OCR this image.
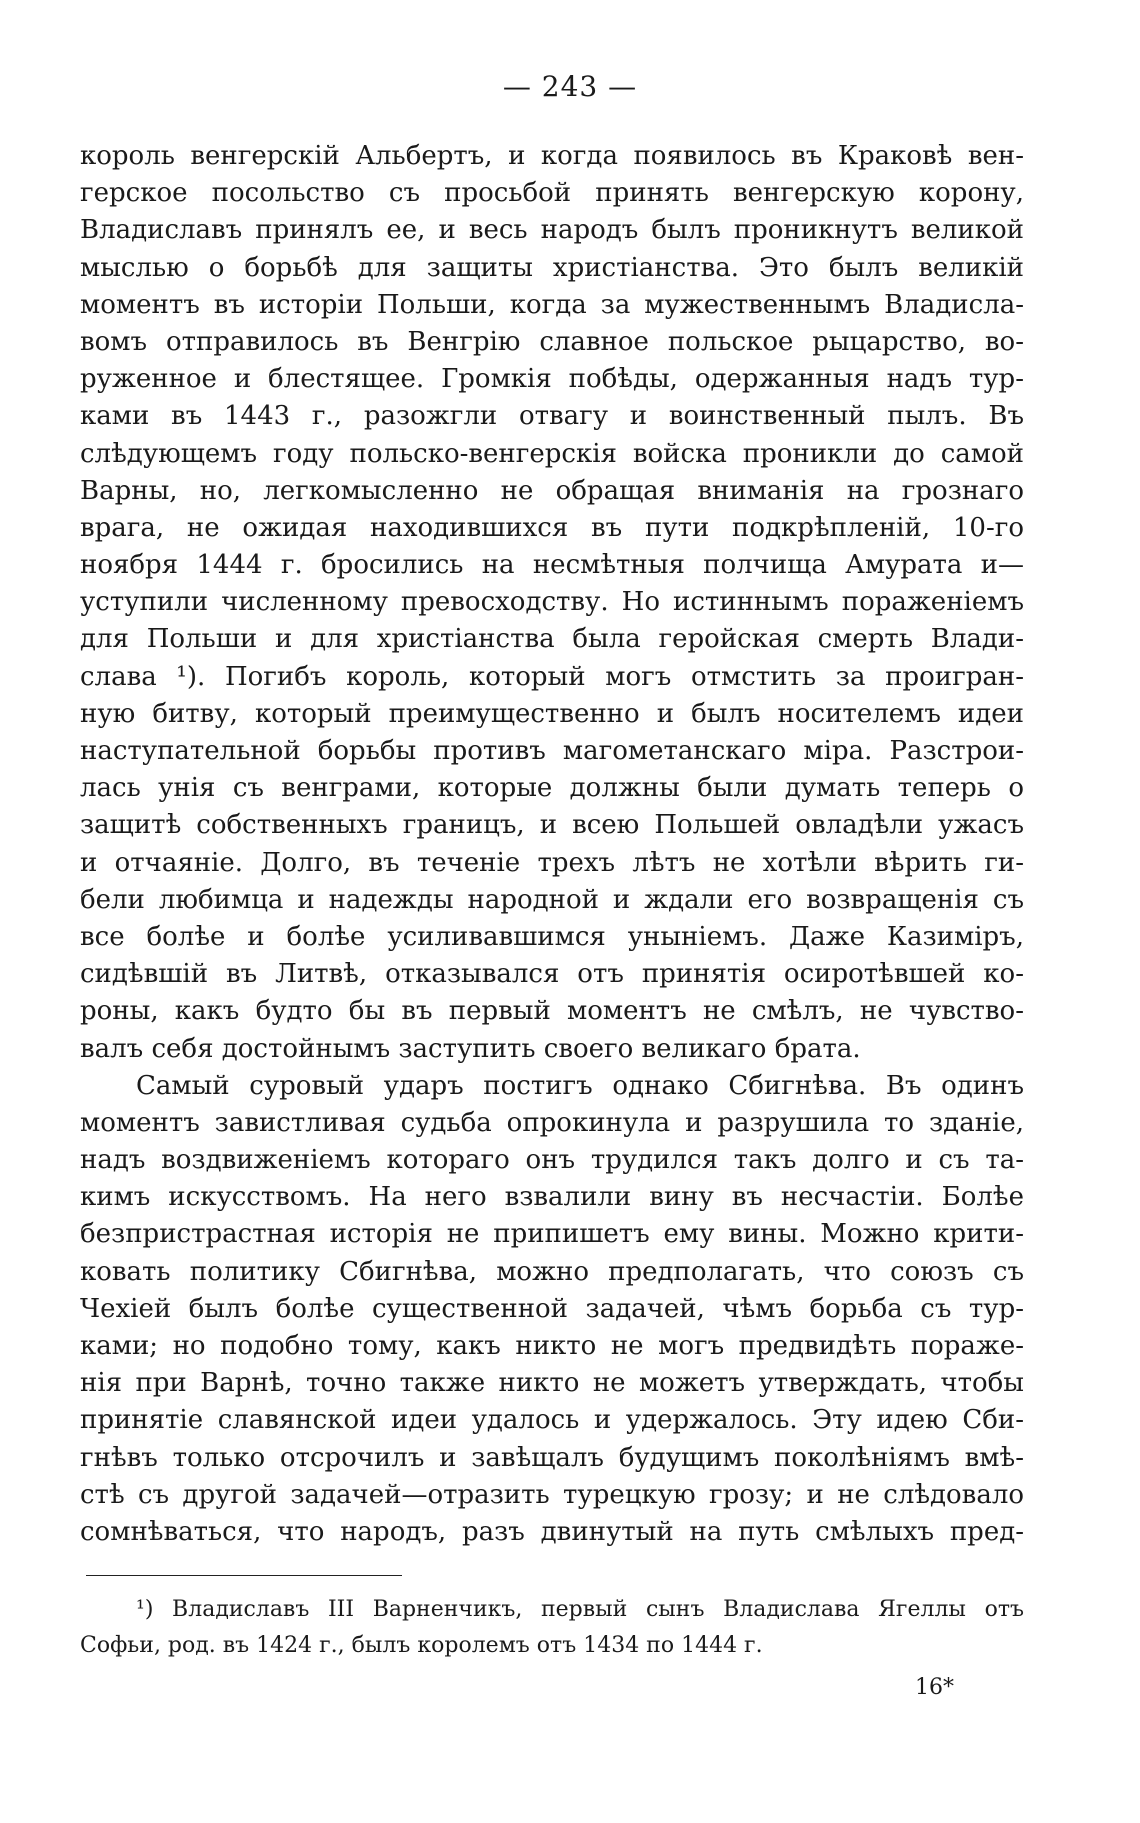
— 243 —
король венгерскій Альбертъ, и когда появилось въ Краковѣ вен-
герское посольство съ просьбой принять венгерскую корону,
Владиславъ принялъ ее, и весь народъ былъ проникнутъ великой
мыслью о борьбѣ для защиты христіанства. Это былъ великій
моментъ въ исторіи Польши, когда за мужественнымъ Владисла-
вомъ отправилось въ Венгрію славное польское рыцарство, во-
руженное и блестящее. Громкія побѣды, одержанныя надъ тур-
ками въ 1443 г., разожгли отвагу и воинственный пылъ. Въ
слѣдующемъ году польско-венгерскія войска проникли до самой
Варны, но, легкомысленно не обращая вниманія на грознаго
врага, не ожидая находившихся въ пути подкрѣпленій, 10-го
ноября 1444 г. бросились на несмѣтныя полчища Амурата и—
уступили численному превосходству. Но истиннымъ пораженіемъ
для Польши и для христіанства была геройская смерть Влади-
слава ¹). Погибъ король, который могъ отмстить за проигран-
ную битву, который преимущественно и былъ носителемъ идеи
наступательной борьбы противъ магометанскаго міра. Разстрои-
лась унія съ венграми, которые должны были думать теперь о
защитѣ собственныхъ границъ, и всею Польшей овладѣли ужасъ
и отчаяніе. Долго, въ теченіе трехъ лѣтъ не хотѣли вѣрить ги-
бели любимца и надежды народной и ждали его возвращенія съ
все болѣе и болѣе усиливавшимся уныніемъ. Даже Казиміръ,
сидѣвшій въ Литвѣ, отказывался отъ принятія осиротѣвшей ко-
роны, какъ будто бы въ первый моментъ не смѣлъ, не чувство-
валъ себя достойнымъ заступить своего великаго брата.
Самый суровый ударъ постигъ однако Сбигнѣва. Въ одинъ
моментъ завистливая судьба опрокинула и разрушила то зданіе,
надъ воздвиженіемъ котораго онъ трудился такъ долго и съ та-
кимъ искусствомъ. На него взвалили вину въ несчастіи. Болѣе
безпристрастная исторія не припишетъ ему вины. Можно крити-
ковать политику Сбигнѣва, можно предполагать, что союзъ съ
Чехіей былъ болѣе существенной задачей, чѣмъ борьба съ тур-
ками; но подобно тому, какъ никто не могъ предвидѣть пораже-
нія при Варнѣ, точно также никто не можетъ утверждать, чтобы
принятіе славянской идеи удалось и удержалось. Эту идею Сби-
гнѣвъ только отсрочилъ и завѣщалъ будущимъ поколѣніямъ вмѣ-
стѣ съ другой задачей—отразить турецкую грозу; и не слѣдовало
сомнѣваться, что народъ, разъ двинутый на путь смѣлыхъ пред-
¹) Владиславъ III Варненчикъ, первый сынъ Владислава Ягеллы отъ
Софьи, род. въ 1424 г., былъ королемъ отъ 1434 по 1444 г.
16*
